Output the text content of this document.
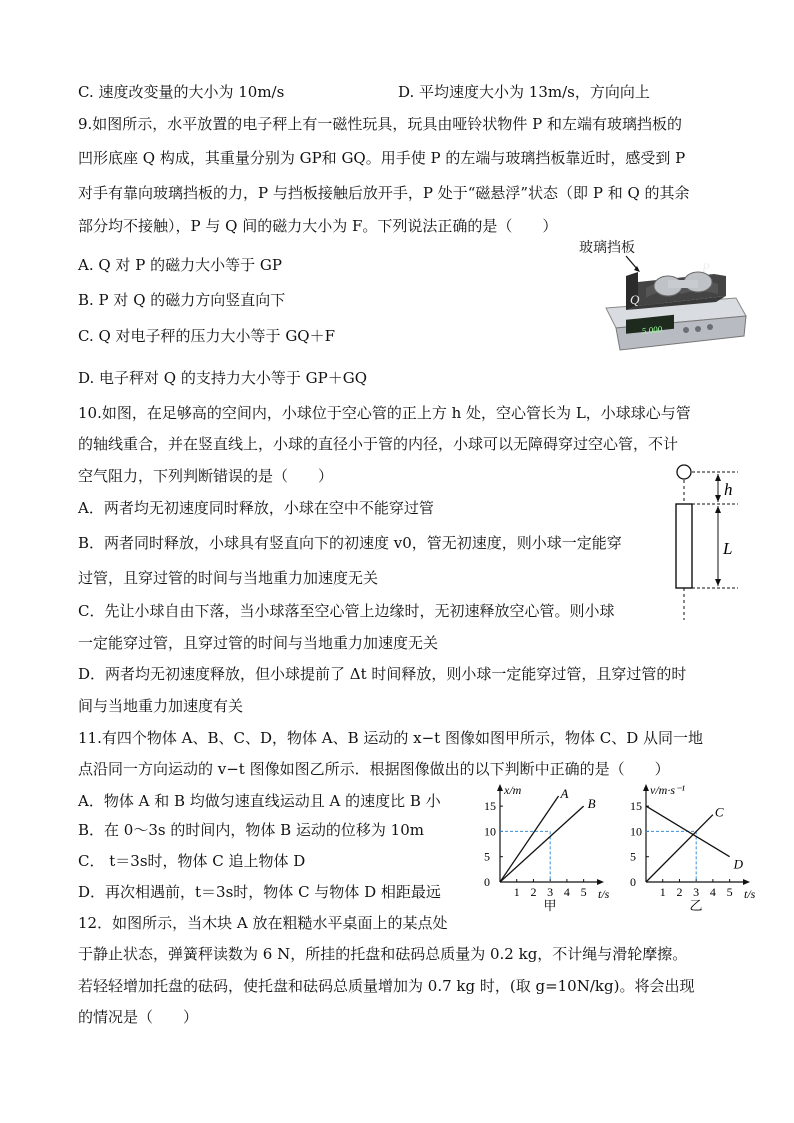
C. 速度改变量的大小为 10m/s	D. 平均速度大小为 13m/s，方向向上
9.如图所示，水平放置的电子秤上有一磁性玩具，玩具由哑铃状物件 P 和左端有玻璃挡板的
凹形底座 Q 构成，其重量分别为 GP和 GQ。用手使 P 的左端与玻璃挡板靠近时，感受到 P
对手有靠向玻璃挡板的力，P 与挡板接触后放开手，P 处于“磁悬浮”状态（即 P 和 Q 的其余
部分均不接触），P 与 Q 间的磁力大小为 F。下列说法正确的是（　　）
A. Q 对 P 的磁力大小等于 GP
B. P 对 Q 的磁力方向竖直向下
C. Q 对电子秤的压力大小等于 GQ＋F
D. 电子秤对 Q 的支持力大小等于 GP＋GQ
玻璃挡板
5.000
P
Q
10.如图，在足够高的空间内，小球位于空心管的正上方 h 处，空心管长为 L，小球球心与管
的轴线重合，并在竖直线上，小球的直径小于管的内径，小球可以无障碍穿过空心管，不计
空气阻力，下列判断错误的是（　　）
A．两者均无初速度同时释放，小球在空中不能穿过管
B．两者同时释放，小球具有竖直向下的初速度 v0，管无初速度，则小球一定能穿
过管，且穿过管的时间与当地重力加速度无关
C．先让小球自由下落，当小球落至空心管上边缘时，无初速释放空心管。则小球
一定能穿过管，且穿过管的时间与当地重力加速度无关
D．两者均无初速度释放，但小球提前了 Δt 时间释放，则小球一定能穿过管，且穿过管的时
间与当地重力加速度有关
h
L
11.有四个物体 A、B、C、D，物体 A、B 运动的 x−t 图像如图甲所示，物体 C、D 从同一地
点沿同一方向运动的 v−t 图像如图乙所示．根据图像做出的以下判断中正确的是（　　）
A．物体 A 和 B 均做匀速直线运动且 A 的速度比 B 小
B．在 0～3s 的时间内，物体 B 运动的位移为 10m
C． t＝3s时，物体 C 追上物体 D
D．再次相遇前，t＝3s时，物体 C 与物体 D 相距最远
x/m
t/s
1 2 3 4 5
0
5
10
15
A
B
甲
v/m·s⁻¹
t/s
1 2 3 4 5
0
5
10
15	C
D
乙
12．如图所示，当木块 A 放在粗糙水平桌面上的某点处
于静止状态，弹簧秤读数为 6 N，所挂的托盘和砝码总质量为 0.2 kg，不计绳与滑轮摩擦。
若轻轻增加托盘的砝码，使托盘和砝码总质量增加为 0.7 kg 时，(取 g=10N/kg)。将会出现
的情况是（　　）
